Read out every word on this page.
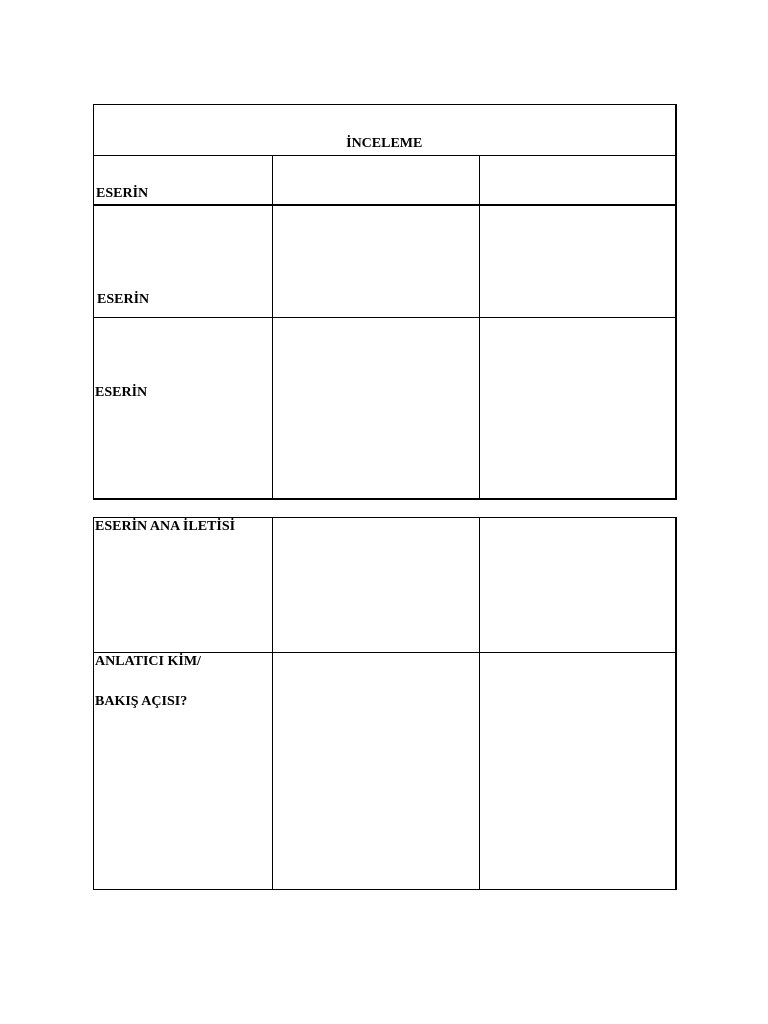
İNCELEME		

ESERİN		

ESERİN		

ESERİN		

ESERİN ANA İLETİSİ		

ANLATICI KİM/
BAKIŞ AÇISI?		
